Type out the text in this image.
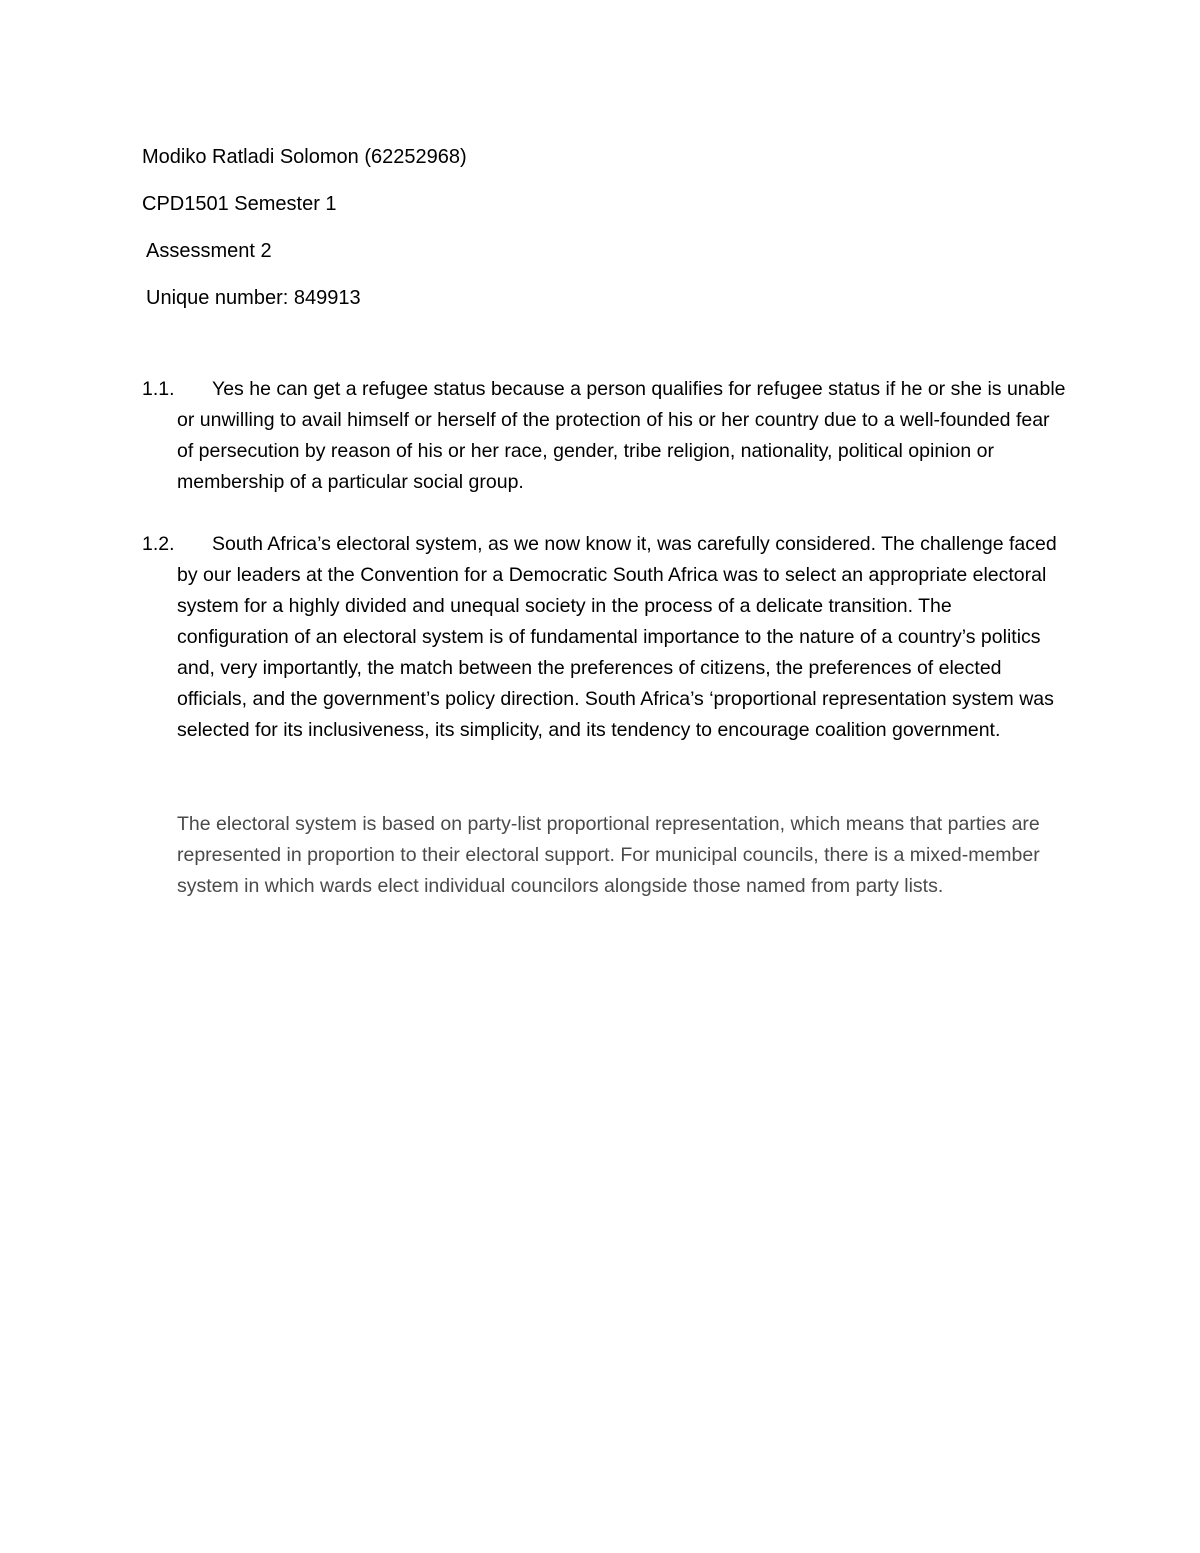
Modiko Ratladi Solomon (62252968)
CPD1501 Semester 1
Assessment 2
Unique number: 849913
1.1.	Yes he can get a refugee status because a person qualifies for refugee status if he or she is unable or unwilling to avail himself or herself of the protection of his or her country due to a well-founded fear of persecution by reason of his or her race, gender, tribe religion, nationality, political opinion or membership of a particular social group.
1.2.	South Africa’s electoral system, as we now know it, was carefully considered. The challenge faced by our leaders at the Convention for a Democratic South Africa was to select an appropriate electoral system for a highly divided and unequal society in the process of a delicate transition. The configuration of an electoral system is of fundamental importance to the nature of a country’s politics and, very importantly, the match between the preferences of citizens, the preferences of elected officials, and the government’s policy direction. South Africa’s ‘proportional representation system was selected for its inclusiveness, its simplicity, and its tendency to encourage coalition government.
The electoral system is based on party-list proportional representation, which means that parties are represented in proportion to their electoral support. For municipal councils, there is a mixed-member system in which wards elect individual councilors alongside those named from party lists.
